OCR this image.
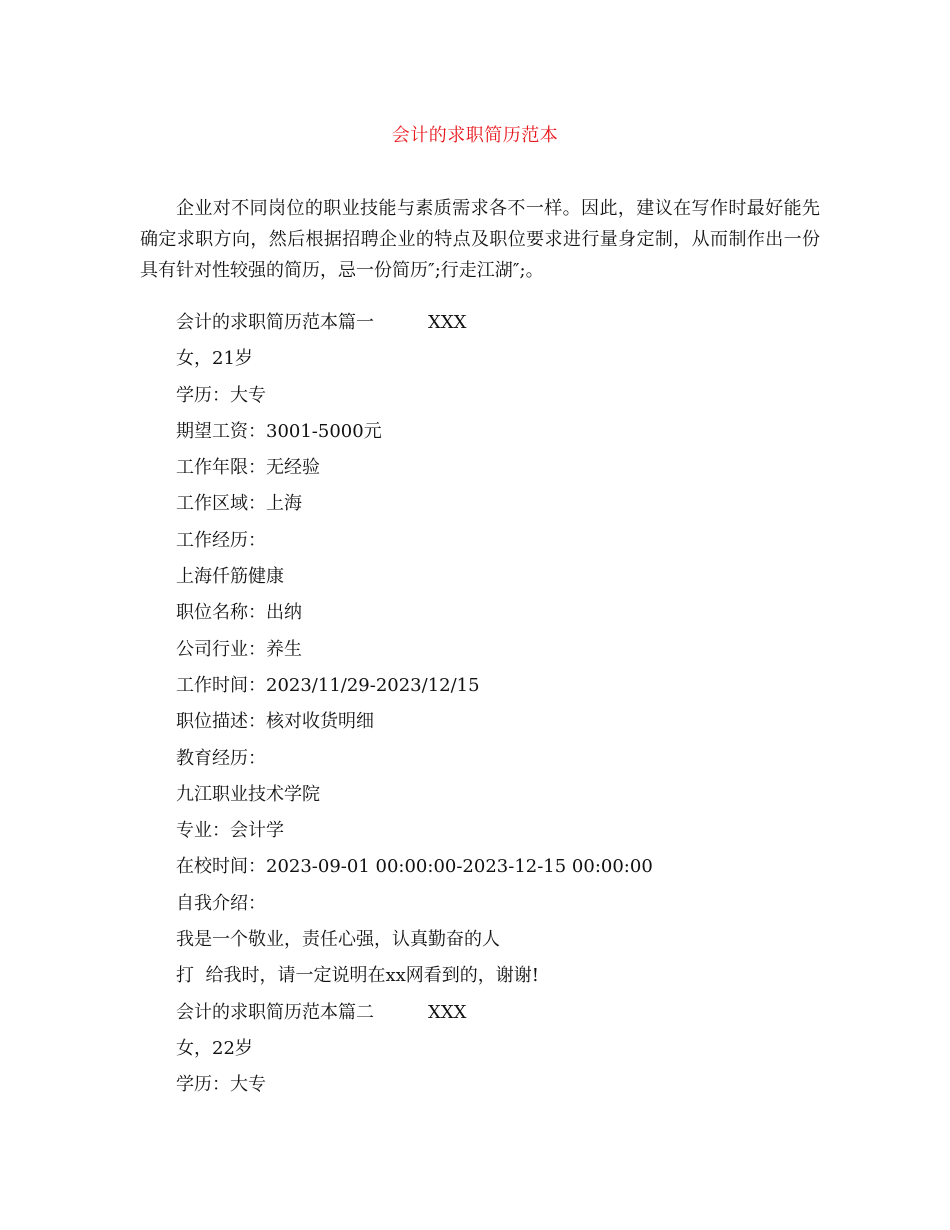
会计的求职简历范本

企业对不同岗位的职业技能与素质需求各不一样。因此，建议在写作时最好能先确定求职方向，然后根据招聘企业的特点及职位要求进行量身定制，从而制作出一份具有针对性较强的简历，忌一份简历″;行走江湖″;。

会计的求职简历范本篇一	XXX
女，21岁
学历：大专
期望工资：3001-5000元
工作年限：无经验
工作区域：上海
工作经历：
上海仟筋健康
职位名称：出纳
公司行业：养生
工作时间：2023/11/29-2023/12/15
职位描述：核对收货明细
教育经历：
九江职业技术学院
专业：会计学
在校时间：2023-09-01 00:00:00-2023-12-15 00:00:00
自我介绍：
我是一个敬业，责任心强，认真勤奋的人
打  给我时，请一定说明在xx网看到的，谢谢!
会计的求职简历范本篇二	XXX
女，22岁
学历：大专
